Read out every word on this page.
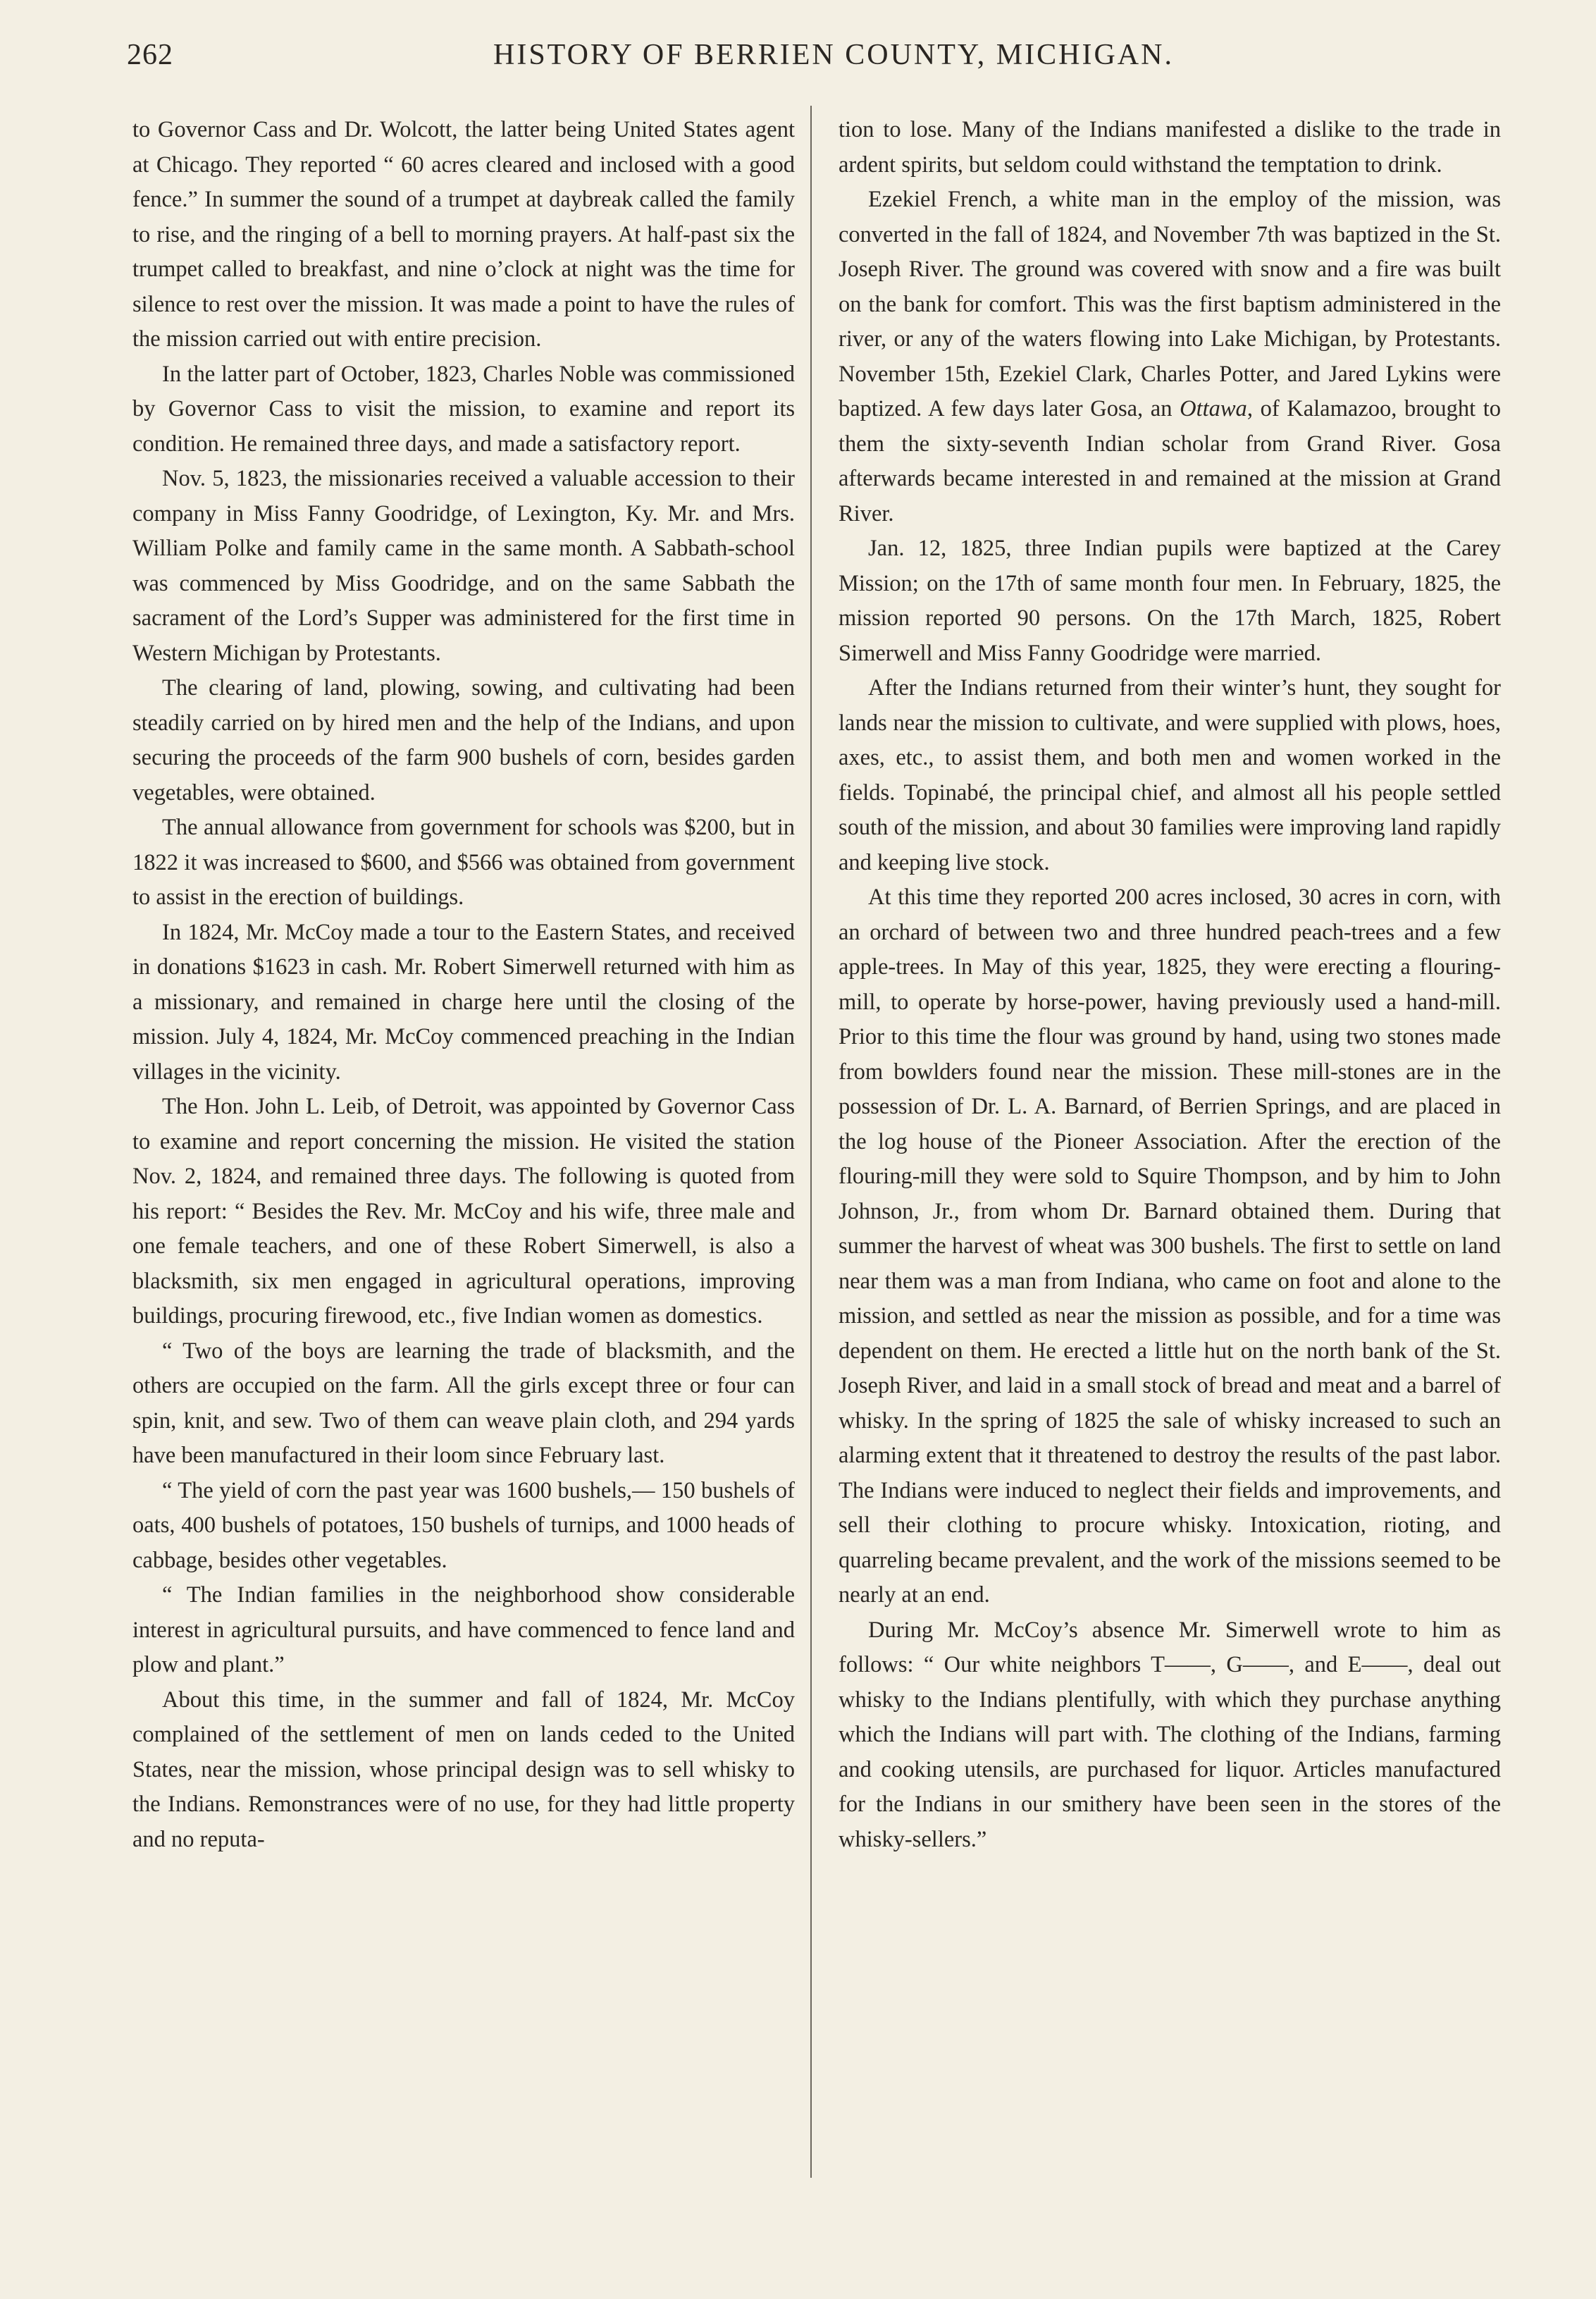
262	HISTORY OF BERRIEN COUNTY, MICHIGAN.

to Governor Cass and Dr. Wolcott, the latter being United States agent at Chicago. They reported “ 60 acres cleared and inclosed with a good fence.” In summer the sound of a trumpet at daybreak called the family to rise, and the ringing of a bell to morning prayers. At half-past six the trumpet called to breakfast, and nine o’clock at night was the time for silence to rest over the mission. It was made a point to have the rules of the mission carried out with entire precision.

In the latter part of October, 1823, Charles Noble was commissioned by Governor Cass to visit the mission, to examine and report its condition. He remained three days, and made a satisfactory report.

Nov. 5, 1823, the missionaries received a valuable accession to their company in Miss Fanny Goodridge, of Lexington, Ky. Mr. and Mrs. William Polke and family came in the same month. A Sabbath-school was commenced by Miss Goodridge, and on the same Sabbath the sacrament of the Lord’s Supper was administered for the first time in Western Michigan by Protestants.

The clearing of land, plowing, sowing, and cultivating had been steadily carried on by hired men and the help of the Indians, and upon securing the proceeds of the farm 900 bushels of corn, besides garden vegetables, were obtained.

The annual allowance from government for schools was $200, but in 1822 it was increased to $600, and $566 was obtained from government to assist in the erection of buildings.

In 1824, Mr. McCoy made a tour to the Eastern States, and received in donations $1623 in cash. Mr. Robert Simerwell returned with him as a missionary, and remained in charge here until the closing of the mission. July 4, 1824, Mr. McCoy commenced preaching in the Indian villages in the vicinity.

The Hon. John L. Leib, of Detroit, was appointed by Governor Cass to examine and report concerning the mission. He visited the station Nov. 2, 1824, and remained three days. The following is quoted from his report: “ Besides the Rev. Mr. McCoy and his wife, three male and one female teachers, and one of these Robert Simerwell, is also a blacksmith, six men engaged in agricultural operations, improving buildings, procuring firewood, etc., five Indian women as domestics.

“ Two of the boys are learning the trade of blacksmith, and the others are occupied on the farm. All the girls except three or four can spin, knit, and sew. Two of them can weave plain cloth, and 294 yards have been manufactured in their loom since February last.

“ The yield of corn the past year was 1600 bushels,— 150 bushels of oats, 400 bushels of potatoes, 150 bushels of turnips, and 1000 heads of cabbage, besides other vegetables.

“ The Indian families in the neighborhood show considerable interest in agricultural pursuits, and have commenced to fence land and plow and plant.”

About this time, in the summer and fall of 1824, Mr. McCoy complained of the settlement of men on lands ceded to the United States, near the mission, whose principal design was to sell whisky to the Indians. Remonstrances were of no use, for they had little property and no reputa-

tion to lose. Many of the Indians manifested a dislike to the trade in ardent spirits, but seldom could withstand the temptation to drink.

Ezekiel French, a white man in the employ of the mission, was converted in the fall of 1824, and November 7th was baptized in the St. Joseph River. The ground was covered with snow and a fire was built on the bank for comfort. This was the first baptism administered in the river, or any of the waters flowing into Lake Michigan, by Protestants. November 15th, Ezekiel Clark, Charles Potter, and Jared Lykins were baptized. A few days later Gosa, an Ottawa, of Kalamazoo, brought to them the sixty-seventh Indian scholar from Grand River. Gosa afterwards became interested in and remained at the mission at Grand River.

Jan. 12, 1825, three Indian pupils were baptized at the Carey Mission; on the 17th of same month four men. In February, 1825, the mission reported 90 persons. On the 17th March, 1825, Robert Simerwell and Miss Fanny Goodridge were married.

After the Indians returned from their winter’s hunt, they sought for lands near the mission to cultivate, and were supplied with plows, hoes, axes, etc., to assist them, and both men and women worked in the fields. Topinabé, the principal chief, and almost all his people settled south of the mission, and about 30 families were improving land rapidly and keeping live stock.

At this time they reported 200 acres inclosed, 30 acres in corn, with an orchard of between two and three hundred peach-trees and a few apple-trees. In May of this year, 1825, they were erecting a flouring-mill, to operate by horse-power, having previously used a hand-mill. Prior to this time the flour was ground by hand, using two stones made from bowlders found near the mission. These mill-stones are in the possession of Dr. L. A. Barnard, of Berrien Springs, and are placed in the log house of the Pioneer Association. After the erection of the flouring-mill they were sold to Squire Thompson, and by him to John Johnson, Jr., from whom Dr. Barnard obtained them. During that summer the harvest of wheat was 300 bushels. The first to settle on land near them was a man from Indiana, who came on foot and alone to the mission, and settled as near the mission as possible, and for a time was dependent on them. He erected a little hut on the north bank of the St. Joseph River, and laid in a small stock of bread and meat and a barrel of whisky. In the spring of 1825 the sale of whisky increased to such an alarming extent that it threatened to destroy the results of the past labor. The Indians were induced to neglect their fields and improvements, and sell their clothing to procure whisky. Intoxication, rioting, and quarreling became prevalent, and the work of the missions seemed to be nearly at an end.

During Mr. McCoy’s absence Mr. Simerwell wrote to him as follows: “ Our white neighbors T——, G——, and E——, deal out whisky to the Indians plentifully, with which they purchase anything which the Indians will part with. The clothing of the Indians, farming and cooking utensils, are purchased for liquor. Articles manufactured for the Indians in our smithery have been seen in the stores of the whisky-sellers.”
